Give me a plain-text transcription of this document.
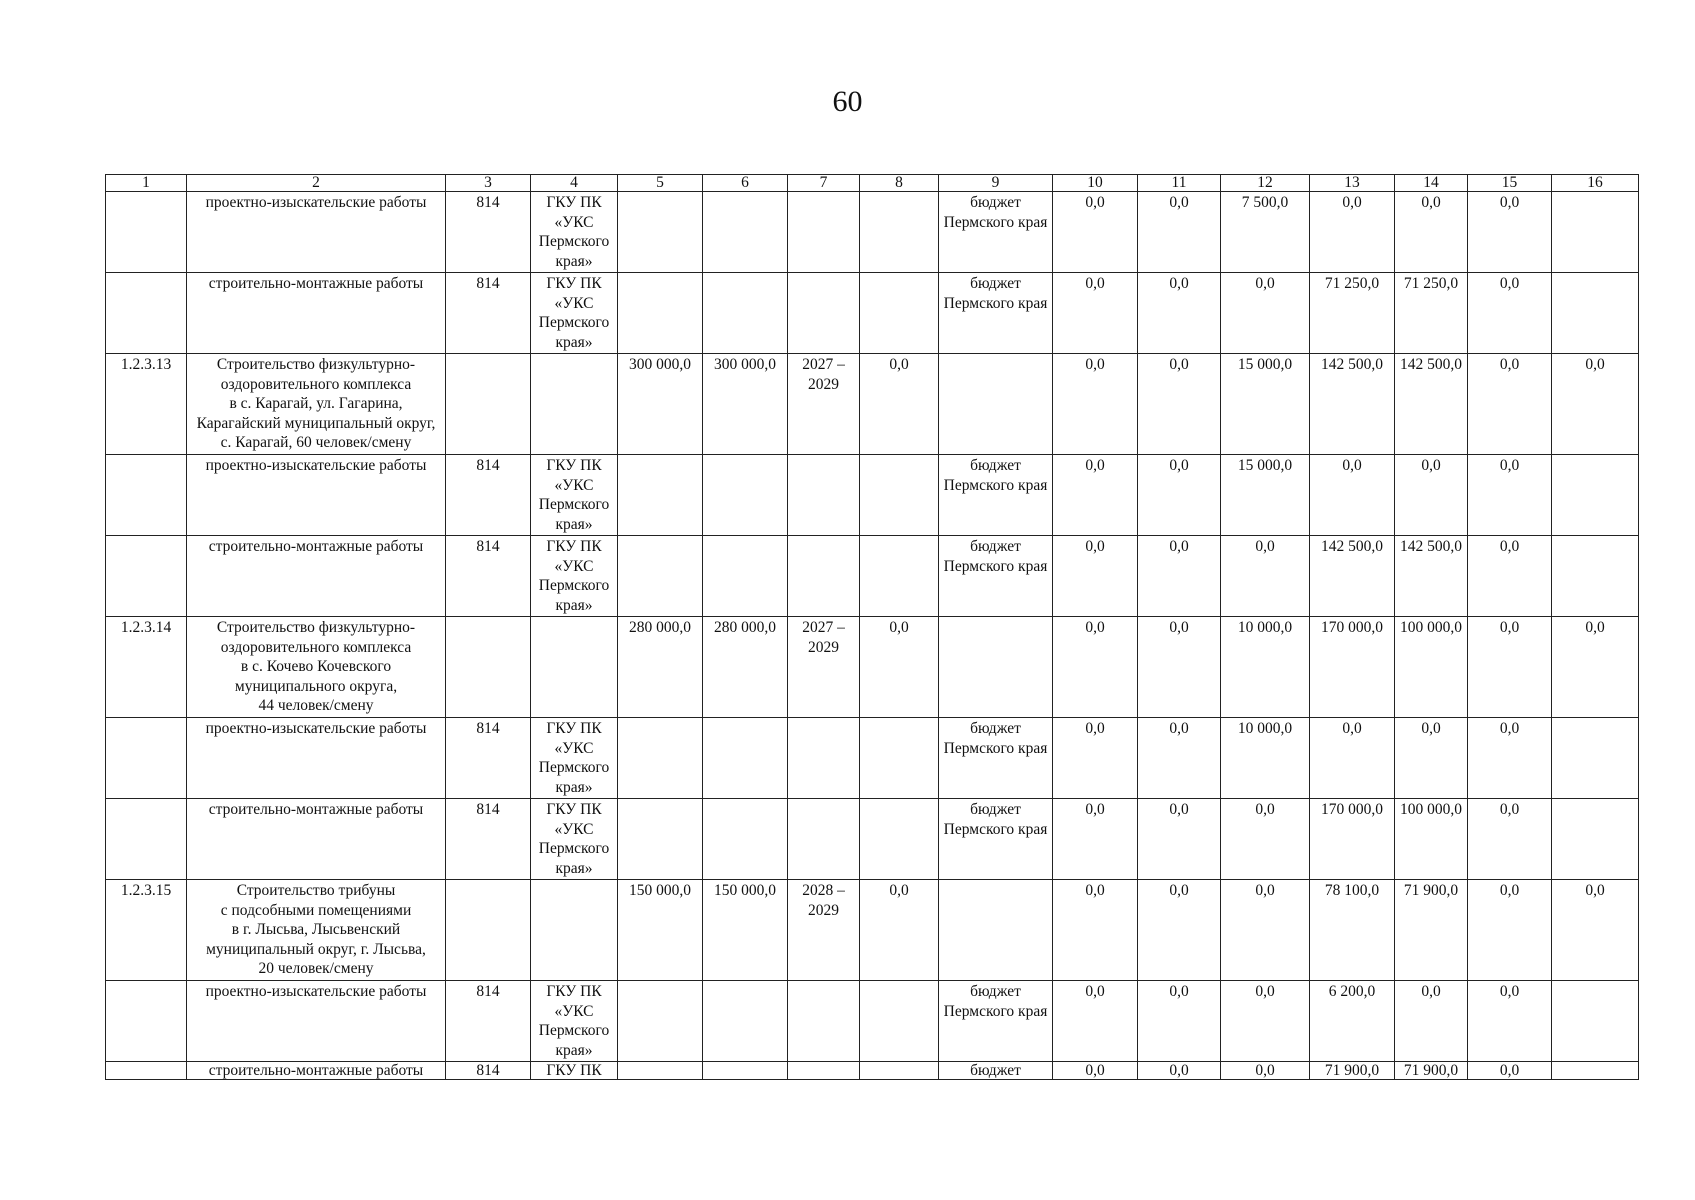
60
1	2	3	4	5	6	7	8	9	10	11	12	13	14	15	16
	проектно-изыскательские работы	814	ГКУ ПК
«УКС
Пермского
края»					бюджет
Пермского края	0,0	0,0	7 500,0	0,0	0,0	0,0	
	строительно-монтажные работы	814	ГКУ ПК
«УКС
Пермского
края»					бюджет
Пермского края	0,0	0,0	0,0	71 250,0	71 250,0	0,0	
1.2.3.13	Строительство физкультурно-
оздоровительного комплекса
в с. Карагай, ул. Гагарина,
Карагайский муниципальный округ,
с. Карагай, 60 человек/смену			300 000,0	300 000,0	2027 –
2029	0,0		0,0	0,0	15 000,0	142 500,0	142 500,0	0,0	0,0
	проектно-изыскательские работы	814	ГКУ ПК
«УКС
Пермского
края»					бюджет
Пермского края	0,0	0,0	15 000,0	0,0	0,0	0,0	
	строительно-монтажные работы	814	ГКУ ПК
«УКС
Пермского
края»					бюджет
Пермского края	0,0	0,0	0,0	142 500,0	142 500,0	0,0	
1.2.3.14	Строительство физкультурно-
оздоровительного комплекса
в с. Кочево Кочевского
муниципального округа,
44 человек/смену			280 000,0	280 000,0	2027 –
2029	0,0		0,0	0,0	10 000,0	170 000,0	100 000,0	0,0	0,0
	проектно-изыскательские работы	814	ГКУ ПК
«УКС
Пермского
края»					бюджет
Пермского края	0,0	0,0	10 000,0	0,0	0,0	0,0	
	строительно-монтажные работы	814	ГКУ ПК
«УКС
Пермского
края»					бюджет
Пермского края	0,0	0,0	0,0	170 000,0	100 000,0	0,0	
1.2.3.15	Строительство трибуны
с подсобными помещениями
в г. Лысьва, Лысьвенский
муниципальный округ, г. Лысьва,
20 человек/смену			150 000,0	150 000,0	2028 –
2029	0,0		0,0	0,0	0,0	78 100,0	71 900,0	0,0	0,0
	проектно-изыскательские работы	814	ГКУ ПК
«УКС
Пермского
края»					бюджет
Пермского края	0,0	0,0	0,0	6 200,0	0,0	0,0	
	строительно-монтажные работы	814	ГКУ ПК					бюджет	0,0	0,0	0,0	71 900,0	71 900,0	0,0	
